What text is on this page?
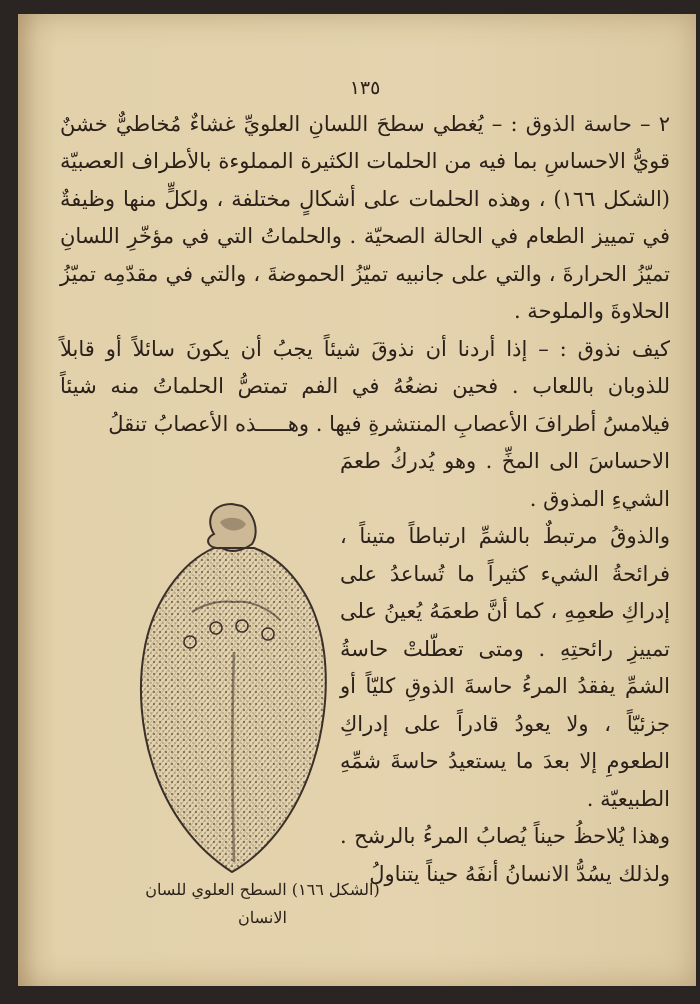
١٣٥

٢ – حاسة الذوق : – يُغطي سطحَ اللسانِ العلويِّ غشاءٌ مُخاطيٌّ خشنٌ قويُّ الاحساسِ بما فيه من الحلمات الكثيرة المملوءة بالأطراف العصبيّة (الشكل ١٦٦) ، وهذه الحلمات على أشكالٍ مختلفة ، ولكلٍّ منها وظيفةٌ في تمييز الطعام في الحالة الصحيّة . والحلماتُ التي في مؤخّرِ اللسانِ تميّزُ الحرارةَ ، والتي على جانبيه تميّزُ الحموضةَ ، والتي في مقدّمِه تميّزُ الحلاوةَ والملوحة .

كيف نذوق : – إذا أردنا أن نذوقَ شيئاً يجبُ أن يكونَ سائلاً أو قابلاً للذوبان باللعاب . فحين نضعُهُ في الفم تمتصُّ الحلماتُ منه شيئاً فيلامسُ أطرافَ الأعصابِ المنتشرةِ فيها . وهـــــذه الأعصابُ تنقلُ

الاحساسَ الى المخِّ . وهو يُدركُ طعمَ الشيءِ المذوق .

والذوقُ مرتبطٌ بالشمِّ ارتباطاً متيناً ، فرائحةُ الشيء كثيراً ما تُساعدُ على إدراكِ طعمِهِ ، كما أنَّ طعمَهُ يُعينُ على تمييزِ رائحتِهِ . ومتى تعطّلتْ حاسةُ الشمِّ يفقدُ المرءُ حاسةَ الذوقِ كليّاً أو جزئيّاً ، ولا يعودُ قادراً على إدراكِ الطعومِ إلا بعدَ ما يستعيدُ حاسةَ شمِّهِ الطبيعيّة .

وهذا يُلاحظُ حيناً يُصابُ المرءُ بالرشح . ولذلك يسُدُّ الانسانُ أنفَهُ حيناً يتناولُ

(الشكل ١٦٦) السطح العلوي للسان
الانسان
